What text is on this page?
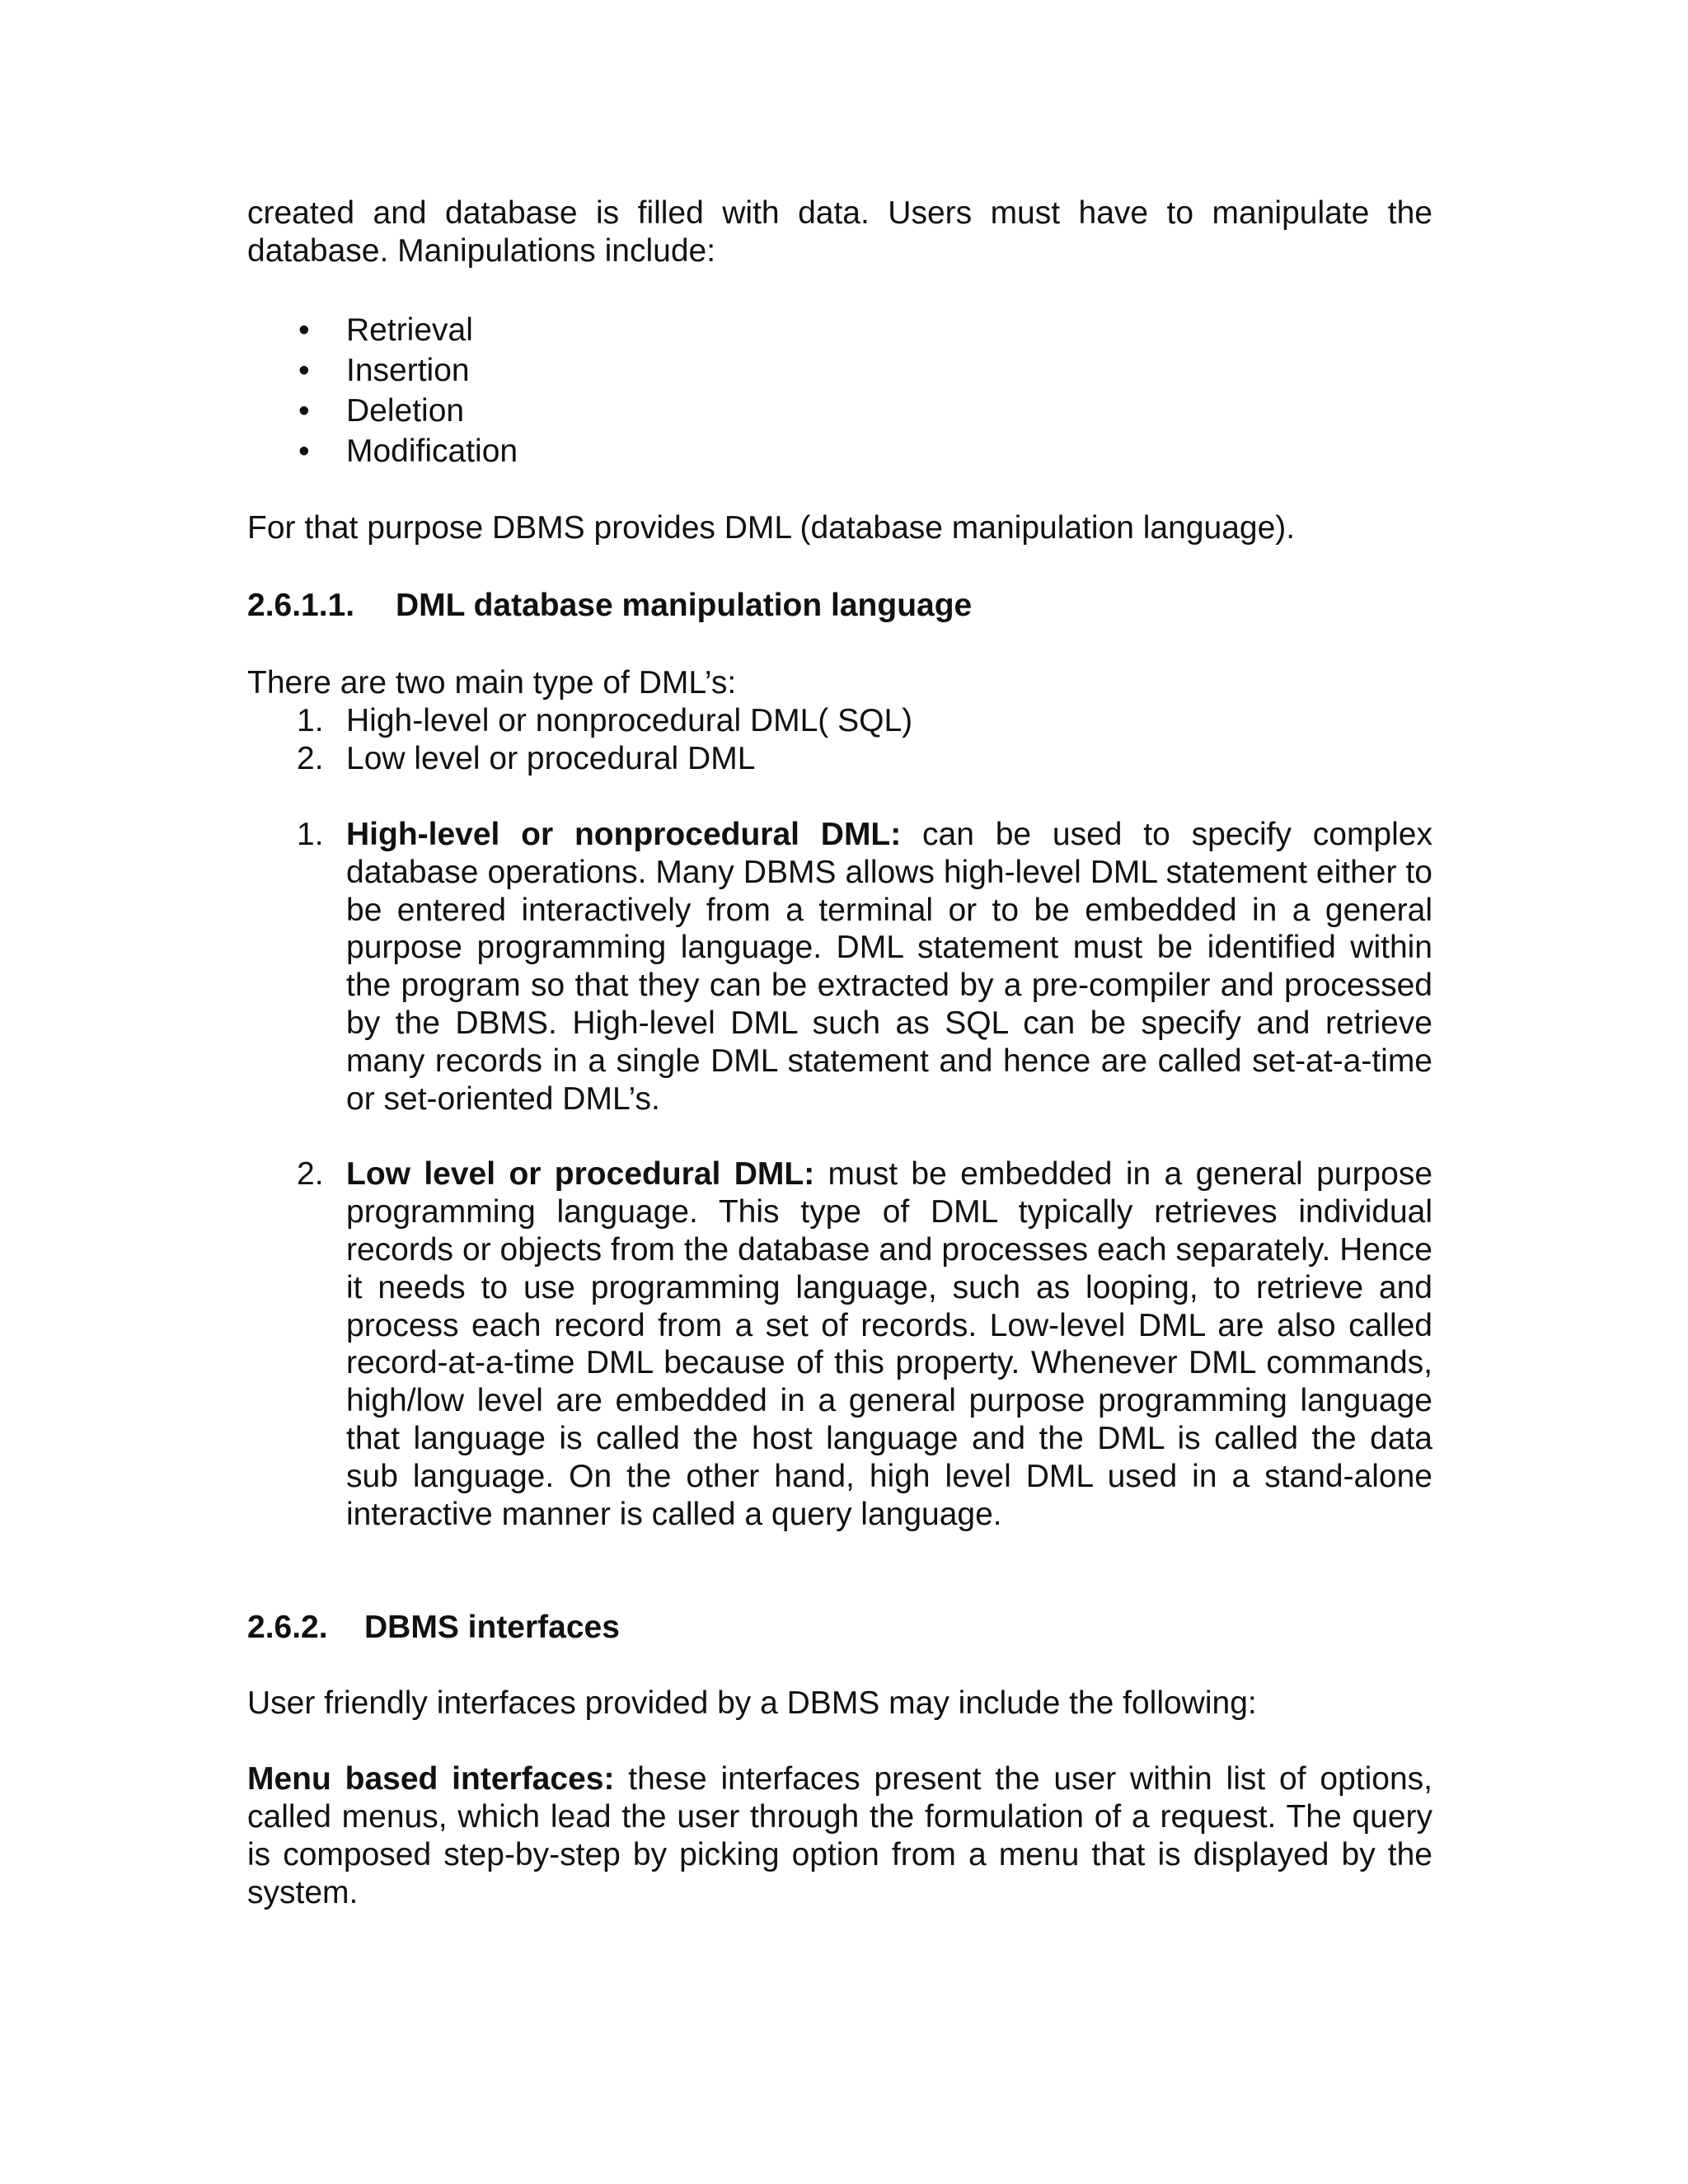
created and database is filled with data. Users must have to manipulate the database. Manipulations include:

• Retrieval
• Insertion
• Deletion
• Modification

For that purpose DBMS provides DML (database manipulation language).

2.6.1.1.	DML database manipulation language

There are two main type of DML’s:

1. High-level or nonprocedural DML( SQL)
2. Low level or procedural DML
1. High-level or nonprocedural DML: can be used to specify complex database operations. Many DBMS allows high-level DML statement either to be entered interactively from a terminal or to be embedded in a general purpose programming language. DML statement must be identified within the program so that they can be extracted by a pre-compiler and processed by the DBMS. High-level DML such as SQL can be specify and retrieve many records in a single DML statement and hence are called set-at-a-time or set-oriented DML’s.
2. Low level or procedural DML: must be embedded in a general purpose programming language. This type of DML typically retrieves individual records or objects from the database and processes each separately. Hence it needs to use programming language, such as looping, to retrieve and process each record from a set of records. Low-level DML are also called record-at-a-time DML because of this property. Whenever DML commands, high/low level are embedded in a general purpose programming language that language is called the host language and the DML is called the data sub language. On the other hand, high level DML used in a stand-alone interactive manner is called a query language.
2.6.2.	DBMS interfaces

User friendly interfaces provided by a DBMS may include the following:

Menu based interfaces: these interfaces present the user within list of options, called menus, which lead the user through the formulation of a request. The query is composed step-by-step by picking option from a menu that is displayed by the system.
